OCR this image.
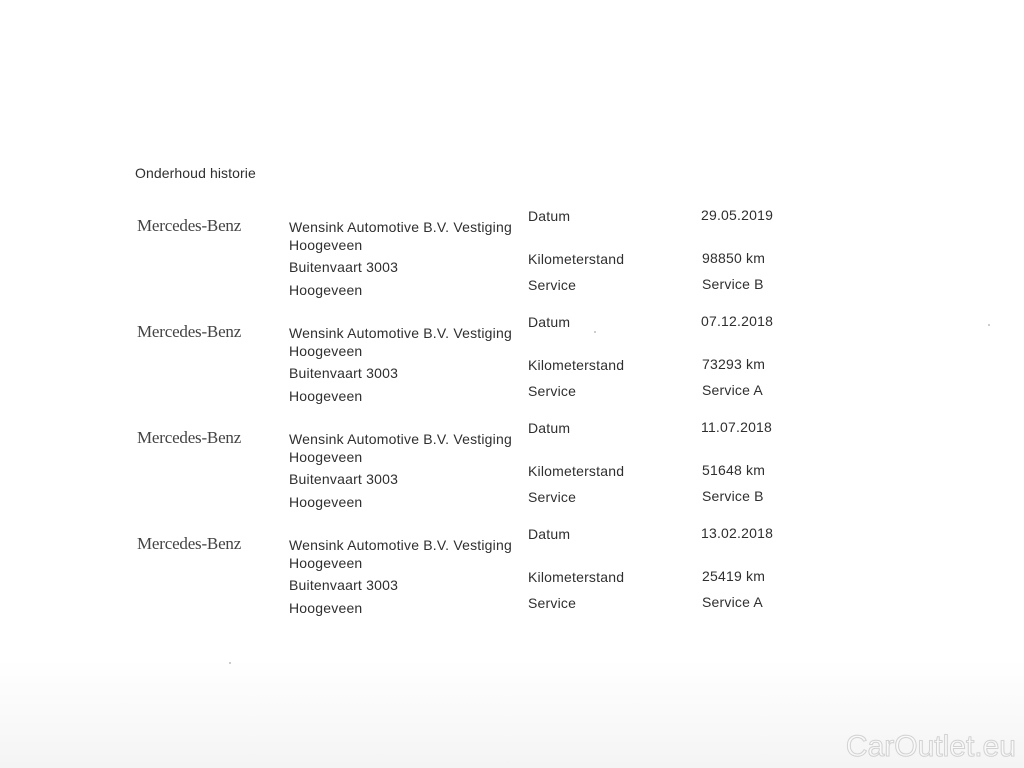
Onderhoud historie
Mercedes-Benz	Wensink Automotive B.V. Vestiging
Hoogeveen
Buitenvaart 3003
Hoogeveen
Datum	29.05.2019
Kilometerstand	98850 km
Service	Service B
Mercedes-Benz	Wensink Automotive B.V. Vestiging
Hoogeveen
Buitenvaart 3003
Hoogeveen
Datum	07.12.2018
Kilometerstand	73293 km
Service	Service A
Mercedes-Benz	Wensink Automotive B.V. Vestiging
Hoogeveen
Buitenvaart 3003
Hoogeveen
Datum	11.07.2018
Kilometerstand	51648 km
Service	Service B
Mercedes-Benz	Wensink Automotive B.V. Vestiging
Hoogeveen
Buitenvaart 3003
Hoogeveen
Datum	13.02.2018
Kilometerstand	25419 km
Service	Service A
CarOutlet.eu
